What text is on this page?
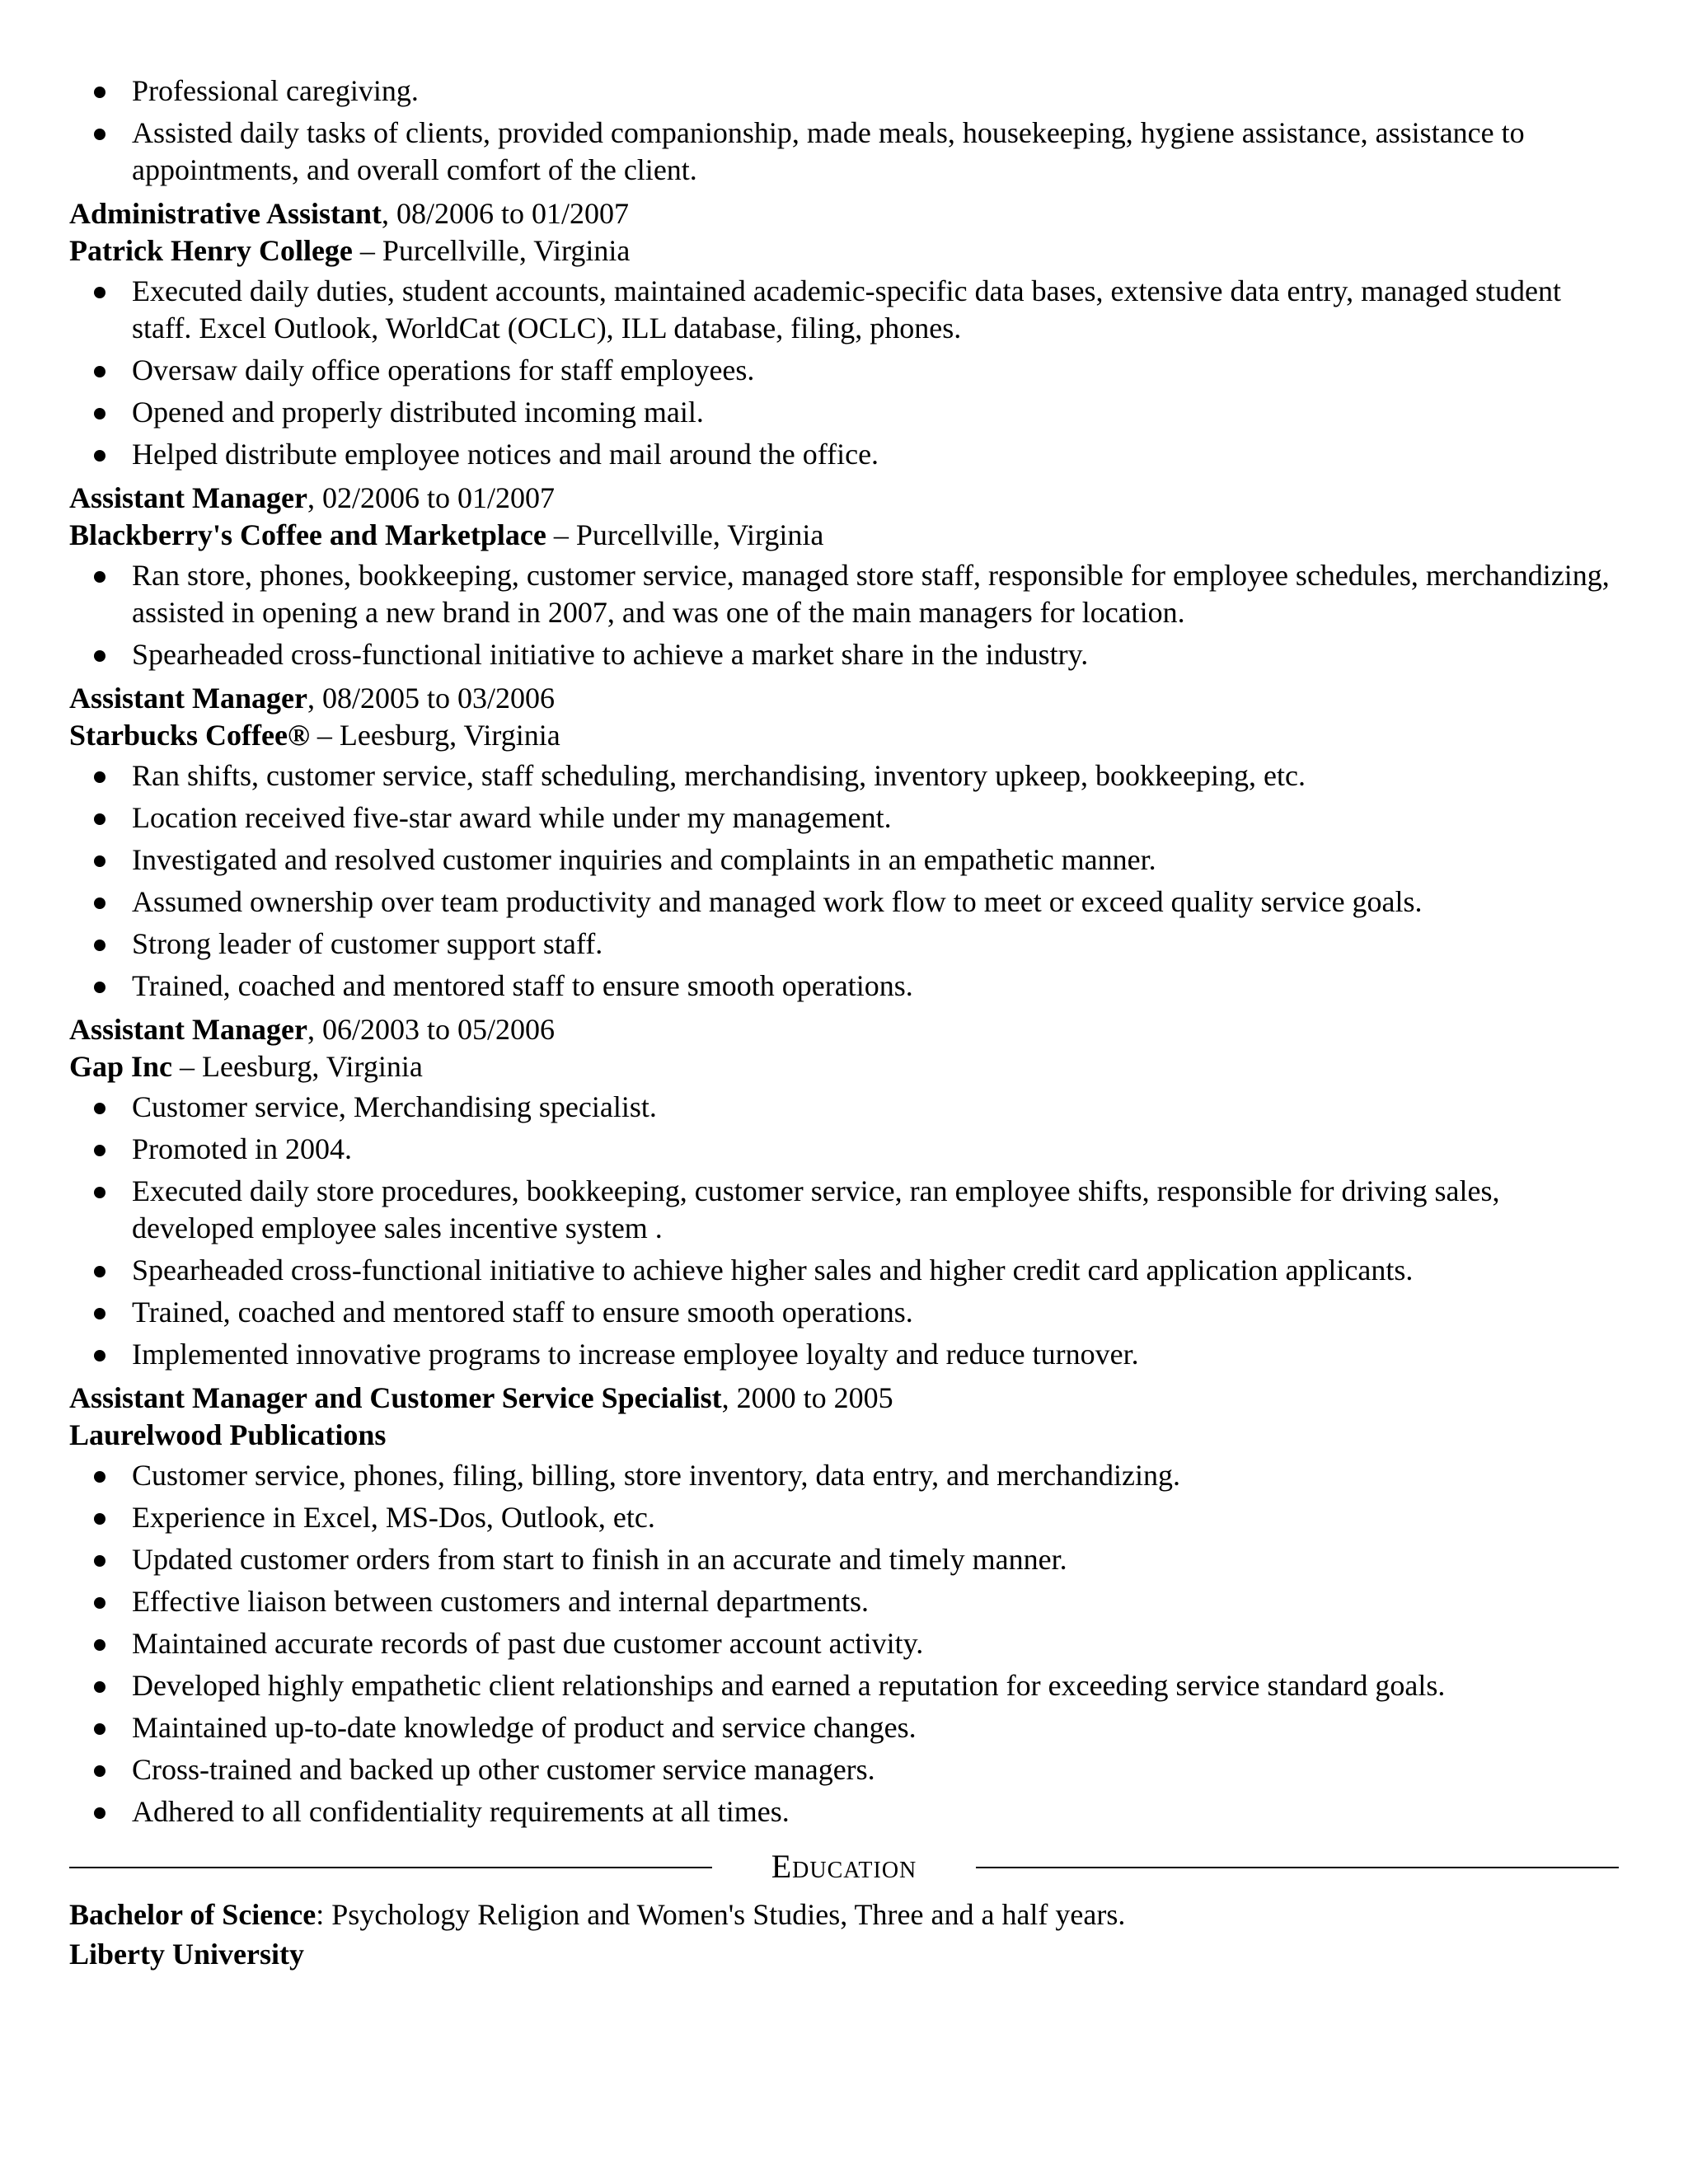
Professional caregiving.
Assisted daily tasks of clients, provided companionship, made meals, housekeeping, hygiene assistance, assistance to appointments, and overall comfort of the client.
Administrative Assistant, 08/2006 to 01/2007
Patrick Henry College – Purcellville, Virginia
Executed daily duties, student accounts, maintained academic-specific data bases, extensive data entry, managed student staff. Excel Outlook, WorldCat (OCLC), ILL database, filing, phones.
Oversaw daily office operations for staff employees.
Opened and properly distributed incoming mail.
Helped distribute employee notices and mail around the office.
Assistant Manager, 02/2006 to 01/2007
Blackberry's Coffee and Marketplace – Purcellville, Virginia
Ran store, phones, bookkeeping, customer service, managed store staff, responsible for employee schedules, merchandizing, assisted in opening a new brand in 2007, and was one of the main managers for location.
Spearheaded cross-functional initiative to achieve a market share in the industry.
Assistant Manager, 08/2005 to 03/2006
Starbucks Coffee® – Leesburg, Virginia
Ran shifts, customer service, staff scheduling, merchandising, inventory upkeep, bookkeeping, etc.
Location received five-star award while under my management.
Investigated and resolved customer inquiries and complaints in an empathetic manner.
Assumed ownership over team productivity and managed work flow to meet or exceed quality service goals.
Strong leader of customer support staff.
Trained, coached and mentored staff to ensure smooth operations.
Assistant Manager, 06/2003 to 05/2006
Gap Inc – Leesburg, Virginia
Customer service, Merchandising specialist.
Promoted in 2004.
Executed daily store procedures, bookkeeping, customer service, ran employee shifts, responsible for driving sales, developed employee sales incentive system .
Spearheaded cross-functional initiative to achieve higher sales and higher credit card application applicants.
Trained, coached and mentored staff to ensure smooth operations.
Implemented innovative programs to increase employee loyalty and reduce turnover.
Assistant Manager and Customer Service Specialist, 2000 to 2005
Laurelwood Publications
Customer service, phones, filing, billing, store inventory, data entry, and merchandizing.
Experience in Excel, MS-Dos, Outlook, etc.
Updated customer orders from start to finish in an accurate and timely manner.
Effective liaison between customers and internal departments.
Maintained accurate records of past due customer account activity.
Developed highly empathetic client relationships and earned a reputation for exceeding service standard goals.
Maintained up-to-date knowledge of product and service changes.
Cross-trained and backed up other customer service managers.
Adhered to all confidentiality requirements at all times.
Education
Bachelor of Science: Psychology Religion and Women's Studies, Three and a half years.
Liberty University
